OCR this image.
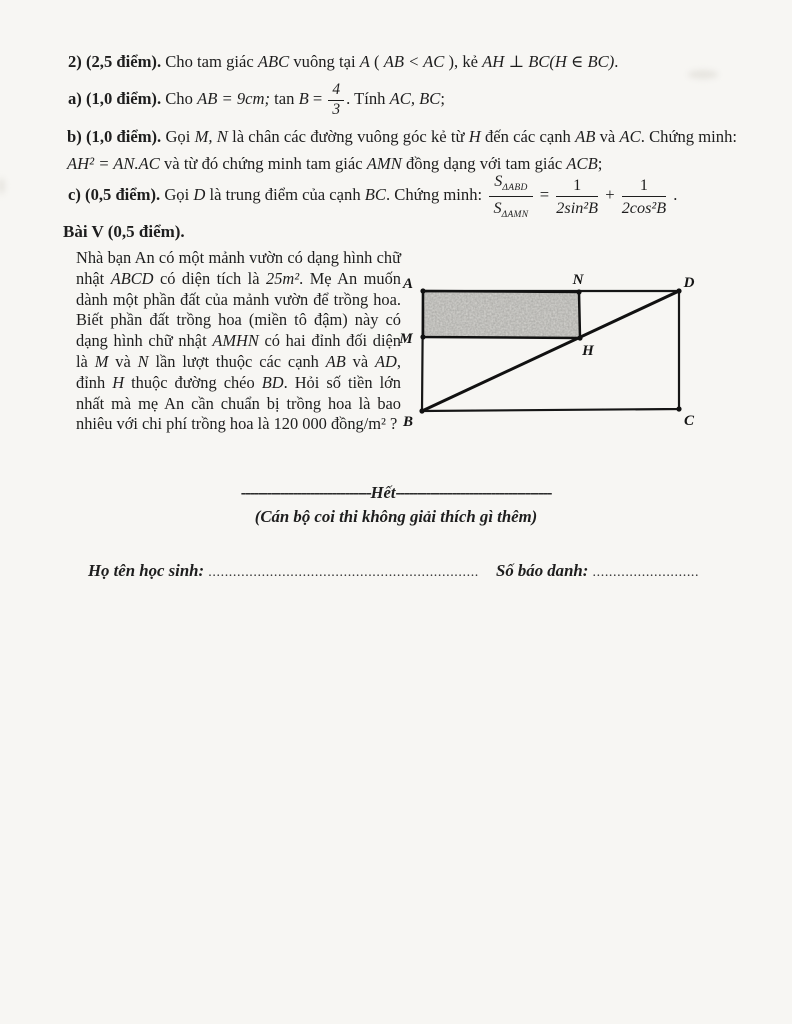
2) (2,5 điểm). Cho tam giác ABC vuông tại A ( AB < AC ), kẻ AH ⊥ BC(H ∈ BC).
a) (1,0 điểm). Cho AB = 9cm; $\tan B = \frac{4}{3}$ . Tính AC, BC;
b) (1,0 điểm). Gọi M, N là chân các đường vuông góc kẻ từ H đến các cạnh AB và AC. Chứng minh: AH² = AN.AC và từ đó chứng minh tam giác AMN đồng dạng với tam giác ACB;
c) (0,5 điểm). Gọi D là trung điểm của cạnh BC. Chứng minh: $\frac{S_{\Delta ABD}}{S_{\Delta AMN}} = \frac{1}{\text{2sin²B}} + \frac{1}{\text{2cos²B}}$ .
Bài V (0,5 điểm).
Nhà bạn An có một mảnh vườn có dạng hình chữ nhật ABCD có diện tích là 25m². Mẹ An muốn dành một phần đất của mảnh vườn để trồng hoa. Biết phần đất trồng hoa (miền tô đậm) này có dạng hình chữ nhật AMHN có hai đỉnh đối diện là M và N lần lượt thuộc các cạnh AB và AD, đỉnh H thuộc đường chéo BD. Hỏi số tiền lớn nhất mà mẹ An cần chuẩn bị trồng hoa là bao nhiêu với chi phí trồng hoa là 120 000 đồng/m² ?
A	N	D
M
H
B	C
------------------------------Hết------------------------------------
(Cán bộ coi thi không giải thích gì thêm)
Họ tên học sinh: .................................................................. Số báo danh: ..........................
